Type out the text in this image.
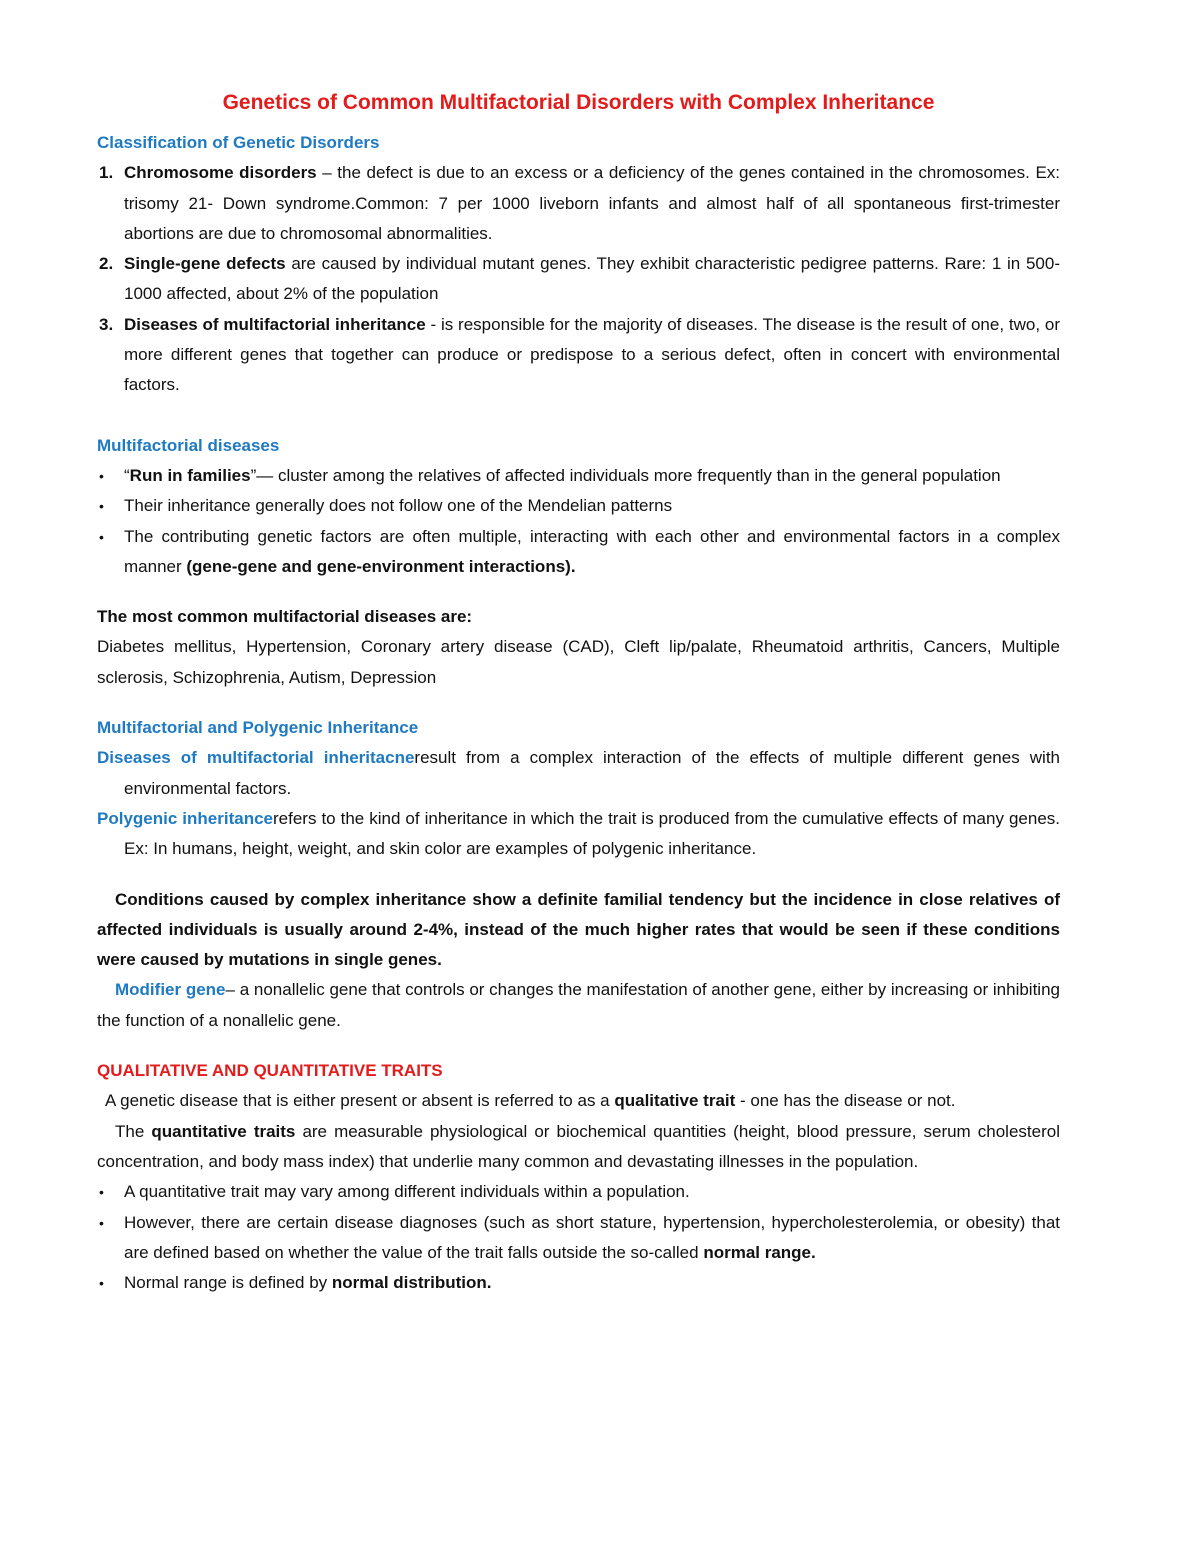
Genetics of Common Multifactorial Disorders with Complex Inheritance
Classification of Genetic Disorders
1. Chromosome disorders – the defect is due to an excess or a deficiency of the genes contained in the chromosomes. Ex: trisomy 21- Down syndrome.Common: 7 per 1000 liveborn infants and almost half of all spontaneous first-trimester abortions are due to chromosomal abnormalities.
2. Single-gene defects are caused by individual mutant genes. They exhibit characteristic pedigree patterns. Rare: 1 in 500-1000 affected, about 2% of the population
3. Diseases of multifactorial inheritance - is responsible for the majority of diseases. The disease is the result of one, two, or more different genes that together can produce or predispose to a serious defect, often in concert with environmental factors.
Multifactorial diseases
• “Run in families”— cluster among the relatives of affected individuals more frequently than in the general population
• Their inheritance generally does not follow one of the Mendelian patterns
• The contributing genetic factors are often multiple, interacting with each other and environmental factors in a complex manner (gene-gene and gene-environment interactions).

The most common multifactorial diseases are:

Diabetes mellitus, Hypertension, Coronary artery disease (CAD), Cleft lip/palate, Rheumatoid arthritis, Cancers, Multiple sclerosis, Schizophrenia, Autism, Depression

Multifactorial and Polygenic Inheritance

Diseases of multifactorial inheritacneresult from a complex interaction of the effects of multiple different genes with environmental factors.

Polygenic inheritancerefers to the kind of inheritance in which the trait is produced from the cumulative effects of many genes. Ex: In humans, height, weight, and skin color are examples of polygenic inheritance.

Conditions caused by complex inheritance show a definite familial tendency but the incidence in close relatives of affected individuals is usually around 2-4%, instead of the much higher rates that would be seen if these conditions were caused by mutations in single genes.

Modifier gene– a nonallelic gene that controls or changes the manifestation of another gene, either by increasing or inhibiting the function of a nonallelic gene.

QUALITATIVE AND QUANTITATIVE TRAITS

A genetic disease that is either present or absent is referred to as a qualitative trait - one has the disease or not.

The quantitative traits are measurable physiological or biochemical quantities (height, blood pressure, serum cholesterol concentration, and body mass index) that underlie many common and devastating illnesses in the population.

• A quantitative trait may vary among different individuals within a population.
• However, there are certain disease diagnoses (such as short stature, hypertension, hypercholesterolemia, or obesity) that are defined based on whether the value of the trait falls outside the so-called normal range.
• Normal range is defined by normal distribution.
